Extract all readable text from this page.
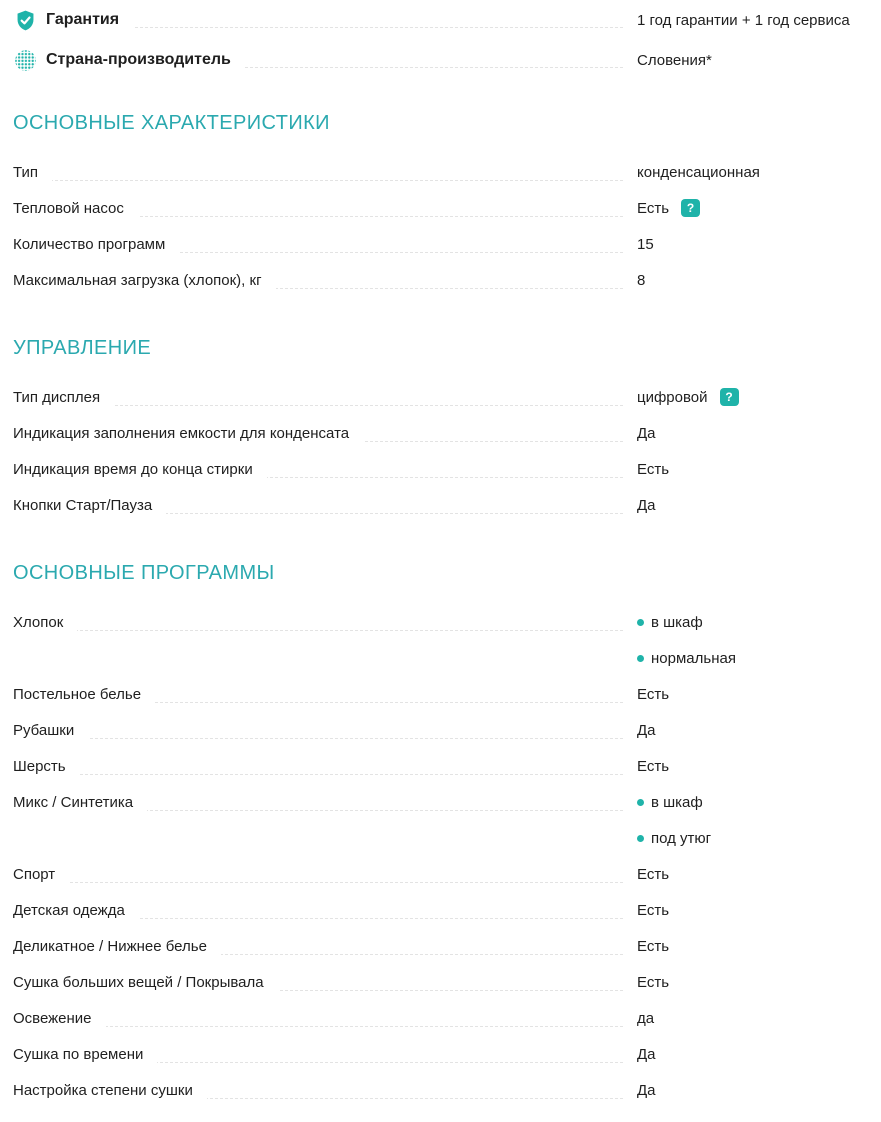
Гарантия	1 год гарантии + 1 год сервиса
Страна-производитель	Словения*
ОСНОВНЫЕ ХАРАКТЕРИСТИКИ
Тип	конденсационная
Тепловой насос	Есть	?
Количество программ	15
Максимальная загрузка (хлопок), кг	8
УПРАВЛЕНИЕ
Тип дисплея	цифровой	?
Индикация заполнения емкости для конденсата	Да
Индикация время до конца стирки	Есть
Кнопки Старт/Пауза	Да
ОСНОВНЫЕ ПРОГРАММЫ
Хлопок	в шкаф
нормальная
Постельное белье	Есть
Рубашки	Да
Шерсть	Есть
Микс / Синтетика	в шкаф
под утюг
Спорт	Есть
Детская одежда	Есть
Деликатное / Нижнее белье	Есть
Сушка больших вещей / Покрывала	Есть
Освежение	да
Сушка по времени	Да
Настройка степени сушки	Да
